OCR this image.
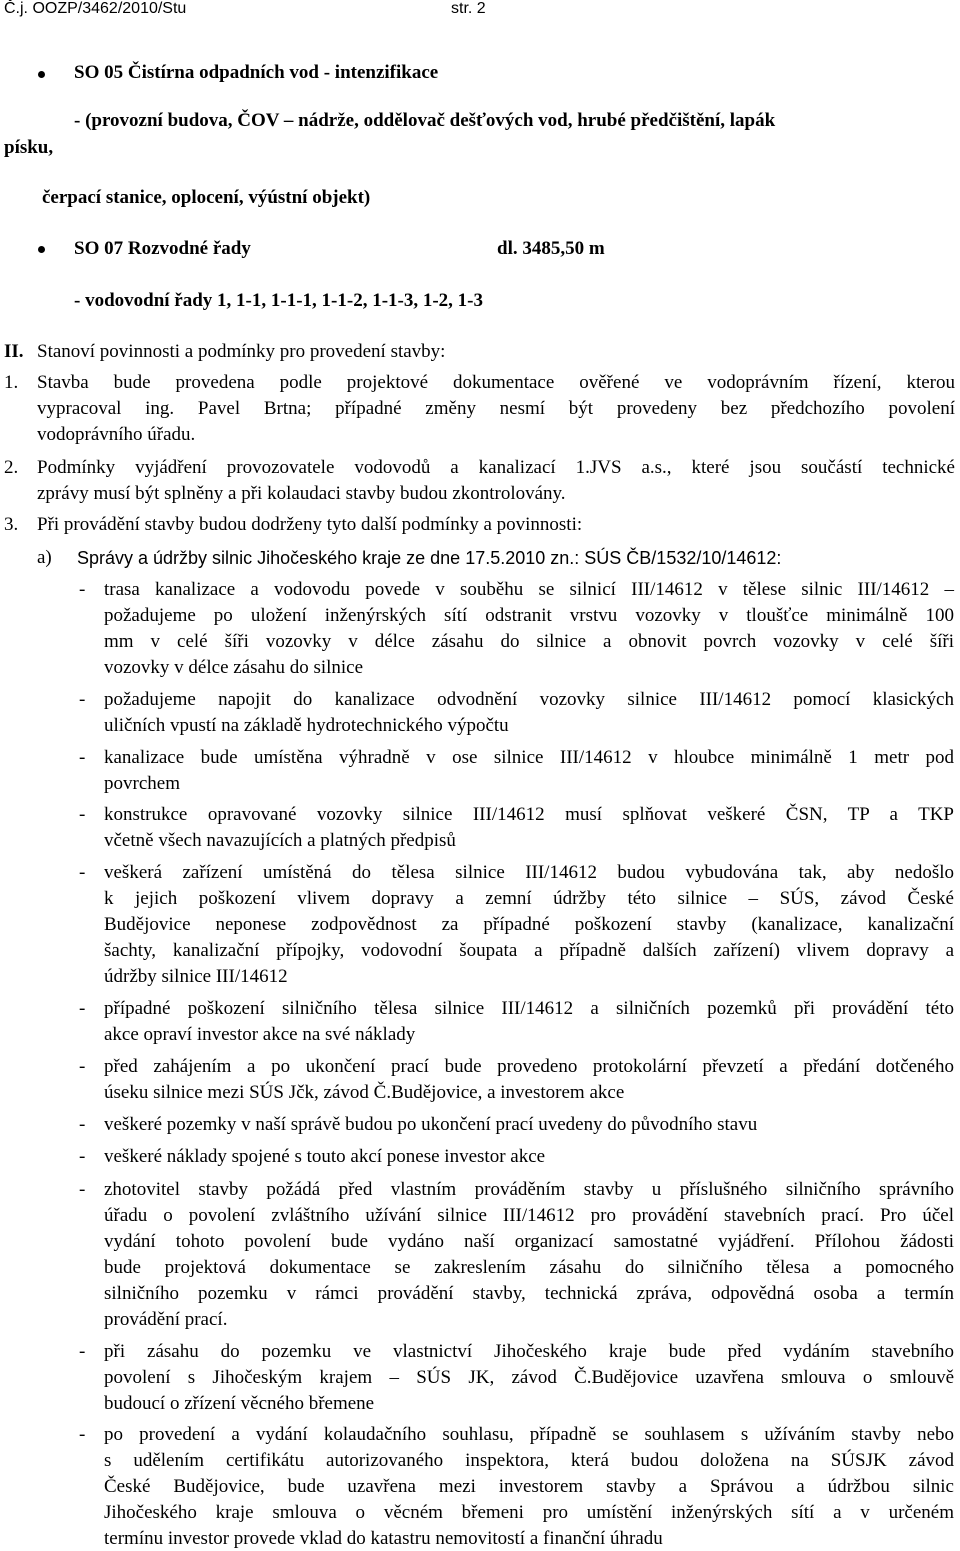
Č.j. OOZP/3462/2010/Stu	str. 2
SO 05 Čistírna odpadních vod - intenzifikace
- (provozní budova, ČOV – nádrže, oddělovač dešťových vod, hrubé předčištění, lapák
písku,
čerpací stanice, oplocení, výústní objekt)
SO 07 Rozvodné řady	dl. 3485,50 m
- vodovodní řady 1, 1-1, 1-1-1, 1-1-2, 1-1-3, 1-2, 1-3
II. Stanoví povinnosti a podmínky pro provedení stavby:
1. Stavba bude provedena podle projektové dokumentace ověřené ve vodoprávním řízení, kterou
vypracoval ing. Pavel Brtna; případné změny nesmí být provedeny bez předchozího povolení
vodoprávního úřadu.
2. Podmínky vyjádření provozovatele vodovodů a kanalizací 1.JVS a.s., které jsou součástí technické
zprávy musí být splněny a při kolaudaci stavby budou zkontrolovány.
3. Při provádění stavby budou dodrženy tyto další podmínky a povinnosti:
a) Správy a údržby silnic Jihočeského kraje ze dne 17.5.2010 zn.: SÚS ČB/1532/10/14612:
- trasa kanalizace a vodovodu povede v souběhu se silnicí III/14612 v tělese silnic III/14612 –
požadujeme po uložení inženýrských sítí odstranit vrstvu vozovky v tloušťce minimálně 100
mm v celé šíři vozovky v délce zásahu do silnice a obnovit povrch vozovky v celé šíři
vozovky v délce zásahu do silnice
- požadujeme napojit do kanalizace odvodnění vozovky silnice III/14612 pomocí klasických
uličních vpustí na základě hydrotechnického výpočtu
- kanalizace bude umístěna výhradně v ose silnice III/14612 v hloubce minimálně 1 metr pod
povrchem
- konstrukce opravované vozovky silnice III/14612 musí splňovat veškeré ČSN, TP a TKP
včetně všech navazujících a platných předpisů
- veškerá zařízení umístěná do tělesa silnice III/14612 budou vybudována tak, aby nedošlo
k jejich poškození vlivem dopravy a zemní údržby této silnice – SÚS, závod České
Budějovice neponese zodpovědnost za případné poškození stavby (kanalizace, kanalizační
šachty, kanalizační přípojky, vodovodní šoupata a případně dalších zařízení) vlivem dopravy a
údržby silnice III/14612
- případné poškození silničního tělesa silnice III/14612 a silničních pozemků při provádění této
akce opraví investor akce na své náklady
- před zahájením a po ukončení prací bude provedeno protokolární převzetí a předání dotčeného
úseku silnice mezi SÚS Jčk, závod Č.Budějovice, a investorem akce
- veškeré pozemky v naší správě budou po ukončení prací uvedeny do původního stavu
- veškeré náklady spojené s touto akcí ponese investor akce
- zhotovitel stavby požádá před vlastním prováděním stavby u příslušného silničního správního
úřadu o povolení zvláštního užívání silnice III/14612 pro provádění stavebních prací. Pro účel
vydání tohoto povolení bude vydáno naší organizací samostatné vyjádření. Přílohou žádosti
bude projektová dokumentace se zakreslením zásahu do silničního tělesa a pomocného
silničního pozemku v rámci provádění stavby, technická zpráva, odpovědná osoba a termín
provádění prací.
- při zásahu do pozemku ve vlastnictví Jihočeského kraje bude před vydáním stavebního
povolení s Jihočeským krajem – SÚS JK, závod Č.Budějovice uzavřena smlouva o smlouvě
budoucí o zřízení věcného břemene
- po provedení a vydání kolaudačního souhlasu, případně se souhlasem s užíváním stavby nebo
s udělením certifikátu autorizovaného inspektora, která budou doložena na SÚSJK závod
České Budějovice, bude uzavřena mezi investorem stavby a Správou a údržbou silnic
Jihočeského kraje smlouva o věcném břemeni pro umístění inženýrských sítí a v určeném
termínu investor provede vklad do katastru nemovitostí a finanční úhradu
